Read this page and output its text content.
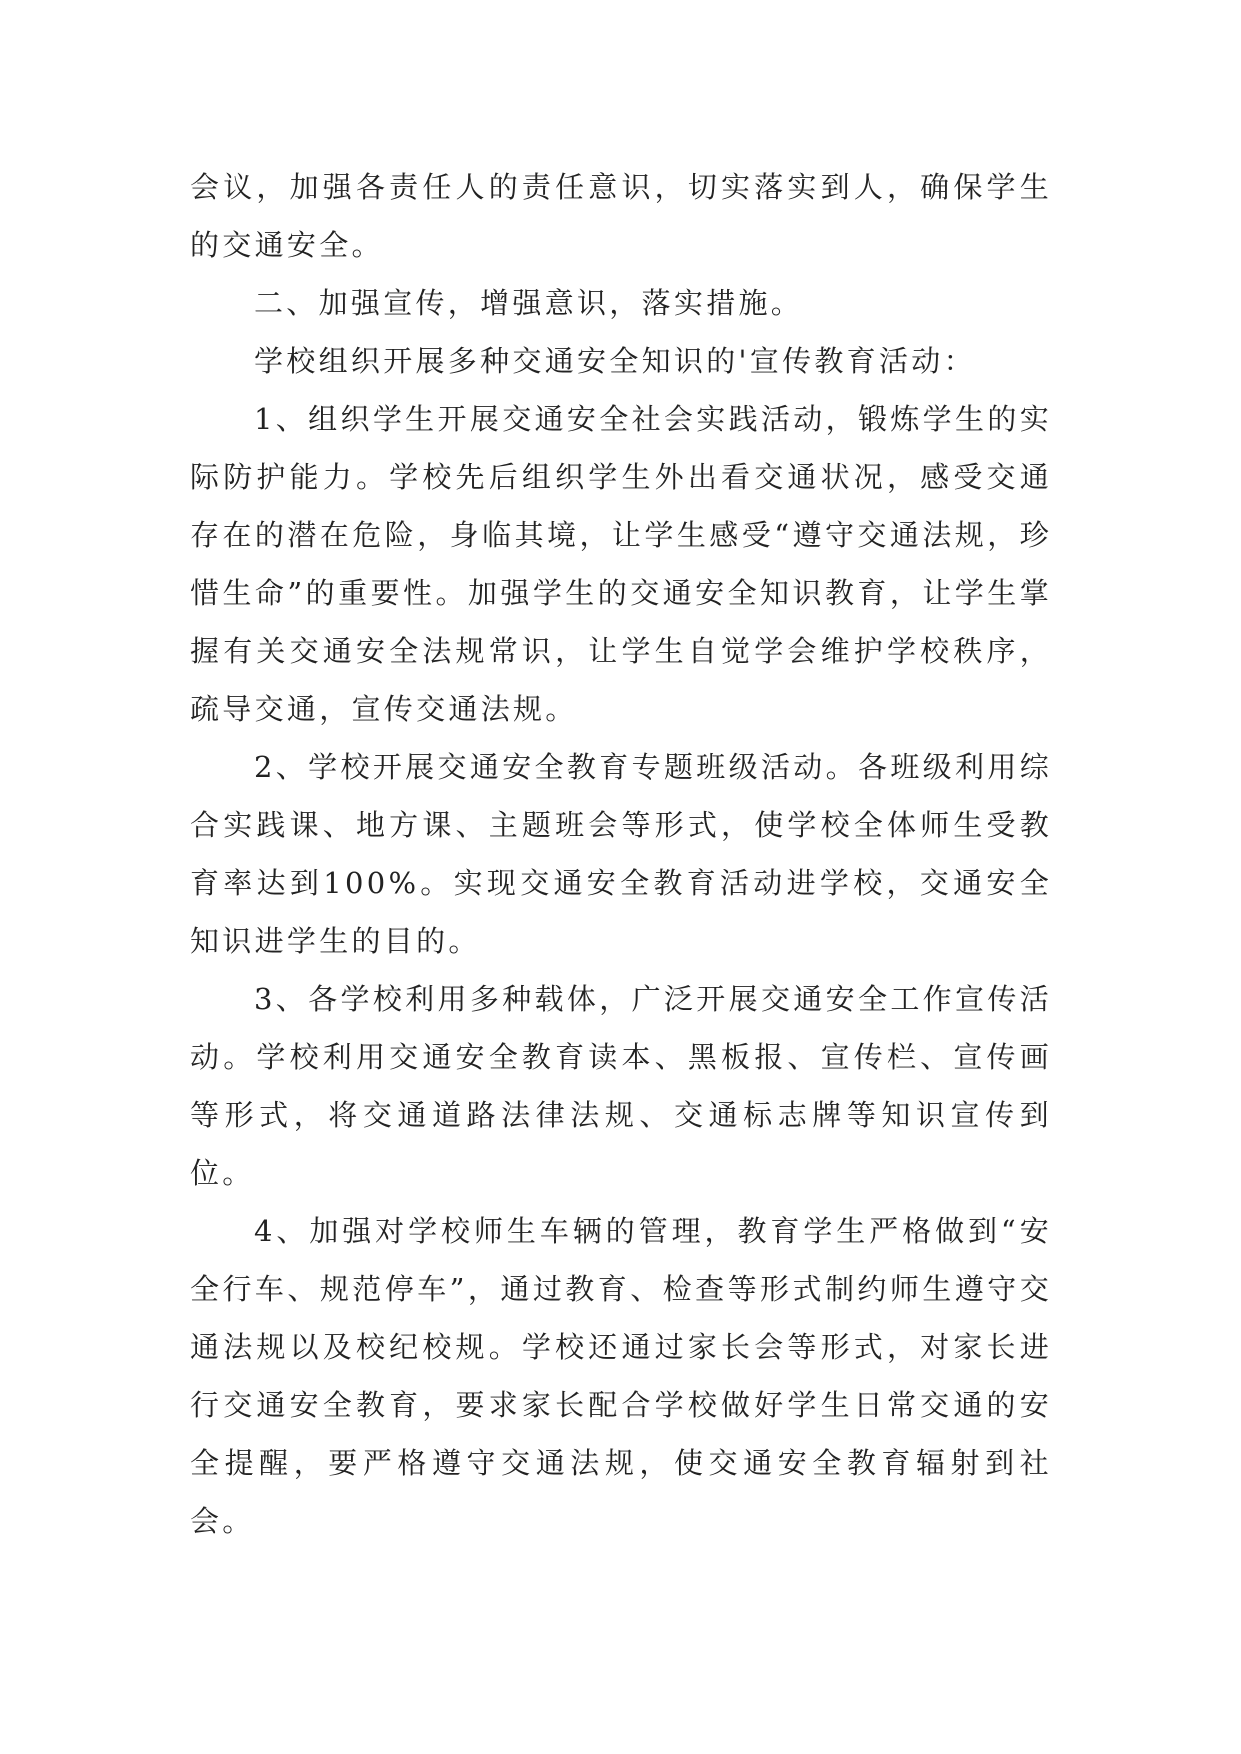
会议，加强各责任人的责任意识，切实落实到人，确保学生的交通安全。

二、加强宣传，增强意识，落实措施。

学校组织开展多种交通安全知识的'宣传教育活动：

1、组织学生开展交通安全社会实践活动，锻炼学生的实际防护能力。学校先后组织学生外出看交通状况，感受交通存在的潜在危险，身临其境，让学生感受“遵守交通法规，珍惜生命”的重要性。加强学生的交通安全知识教育，让学生掌握有关交通安全法规常识，让学生自觉学会维护学校秩序，疏导交通，宣传交通法规。

2、学校开展交通安全教育专题班级活动。各班级利用综合实践课、地方课、主题班会等形式，使学校全体师生受教育率达到100%。实现交通安全教育活动进学校，交通安全知识进学生的目的。

3、各学校利用多种载体，广泛开展交通安全工作宣传活动。学校利用交通安全教育读本、黑板报、宣传栏、宣传画等形式，将交通道路法律法规、交通标志牌等知识宣传到位。

4、加强对学校师生车辆的管理，教育学生严格做到“安全行车、规范停车”，通过教育、检查等形式制约师生遵守交通法规以及校纪校规。学校还通过家长会等形式，对家长进行交通安全教育，要求家长配合学校做好学生日常交通的安全提醒，要严格遵守交通法规，使交通安全教育辐射到社会。
